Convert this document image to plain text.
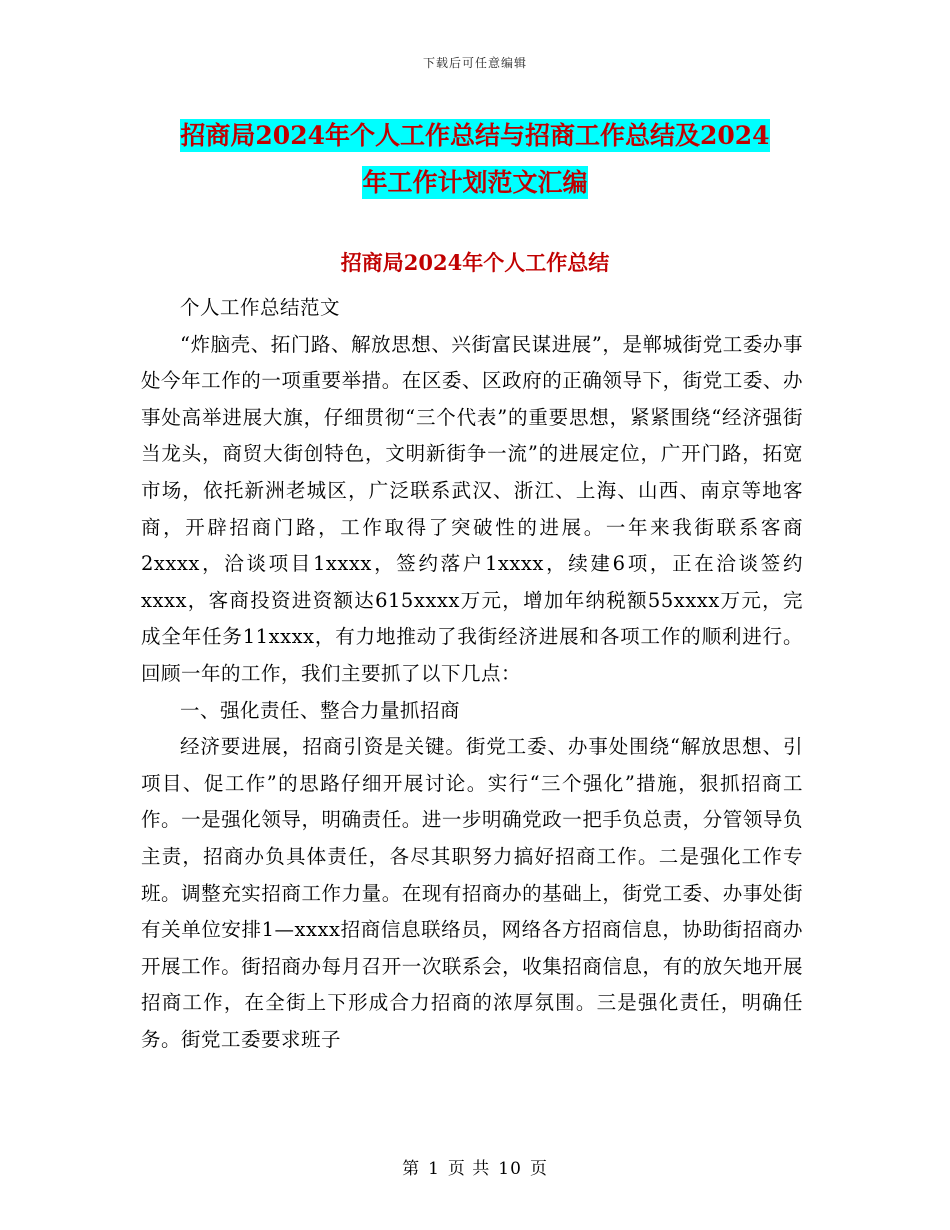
下载后可任意编辑
招商局2024年个人工作总结与招商工作总结及2024
年工作计划范文汇编
招商局2024年个人工作总结

个人工作总结范文

“炸脑壳、拓门路、解放思想、兴街富民谋进展”，是郸城街党工委办事处今年工作的一项重要举措。在区委、区政府的正确领导下，街党工委、办事处高举进展大旗，仔细贯彻“三个代表”的重要思想，紧紧围绕“经济强街当龙头，商贸大街创特色，文明新街争一流”的进展定位，广开门路，拓宽市场，依托新洲老城区，广泛联系武汉、浙江、上海、山西、南京等地客商，开辟招商门路，工作取得了突破性的进展。一年来我街联系客商2xxxx，洽谈项目1xxxx，签约落户1xxxx，续建6项，正在洽谈签约xxxx，客商投资进资额达615xxxx万元，增加年纳税额55xxxx万元，完成全年任务11xxxx，有力地推动了我街经济进展和各项工作的顺利进行。回顾一年的工作，我们主要抓了以下几点：

一、强化责任、整合力量抓招商

经济要进展，招商引资是关键。街党工委、办事处围绕“解放思想、引项目、促工作”的思路仔细开展讨论。实行“三个强化”措施，狠抓招商工作。一是强化领导，明确责任。进一步明确党政一把手负总责，分管领导负主责，招商办负具体责任，各尽其职努力搞好招商工作。二是强化工作专班。调整充实招商工作力量。在现有招商办的基础上，街党工委、办事处街有关单位安排1—xxxx招商信息联络员，网络各方招商信息，协助街招商办开展工作。街招商办每月召开一次联系会，收集招商信息，有的放矢地开展招商工作，在全街上下形成合力招商的浓厚氛围。三是强化责任，明确任务。街党工委要求班子

第 1 页 共 10 页
